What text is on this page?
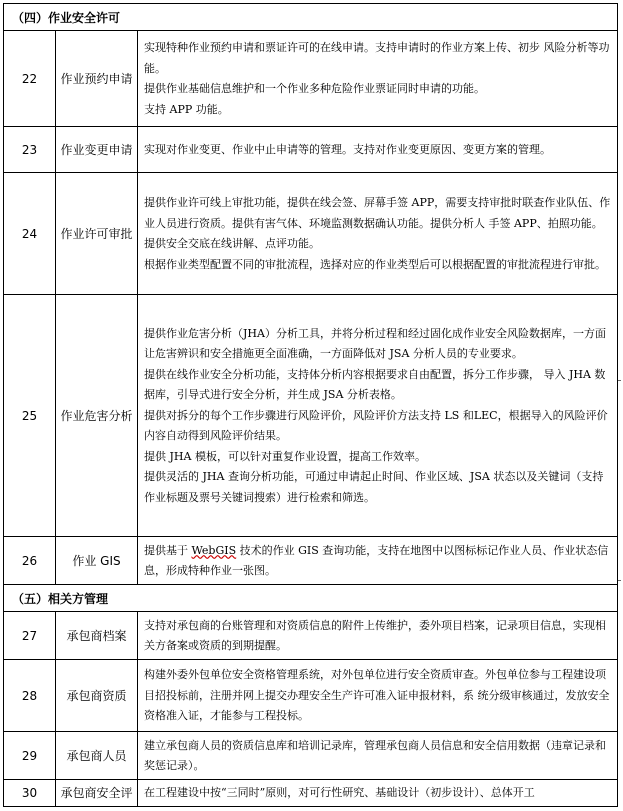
（四）作业安全许可		
22	作业预约申请	实现特种作业预约申请和票证许可的在线申请。支持申请时的作业方案上传、初步 风险分析等功能。

提供作业基础信息维护和一个作业多种危险作业票证同时申请的功能。

支持 APP 功能。

23	作业变更申请	实现对作业变更、作业中止申请等的管理。支持对作业变更原因、变更方案的管理。

24	作业许可审批	提供作业许可线上审批功能，提供在线会签、屏幕手签 APP，需要支持审批时联查作业队伍、作业人员进行资质。提供有害气体、环境监测数据确认功能。提供分析人 手签 APP、拍照功能。提供安全交底在线讲解、点评功能。

根据作业类型配置不同的审批流程，选择对应的作业类型后可以根据配置的审批流程进行审批。

25	作业危害分析	提供作业危害分析（JHA）分析工具，并将分析过程和经过固化成作业安全风险数据库，一方面让危害辨识和安全措施更全面准确，一方面降低对 JSA 分析人员的专业要求。

提供在线作业安全分析功能，支持体分析内容根据要求自由配置，拆分工作步骤， 导入 JHA 数据库，引导式进行安全分析，并生成 JSA 分析表格。

提供对拆分的每个工作步骤进行风险评价，风险评价方法支持 LS 和LEC，根据导入的风险评价内容自动得到风险评价结果。

提供 JHA 模板，可以针对重复作业设置，提高工作效率。

提供灵活的 JHA 查询分析功能，可通过申请起止时间、作业区域、JSA 状态以及关键词（支持作业标题及票号关键词搜索）进行检索和筛选。

26	作业 GIS	提供基于 WebGIS 技术的作业 GIS 查询功能，支持在地图中以图标标记作业人员、作业状态信息，形成特种作业一张图。

（五）相关方管理		
27	承包商档案	支持对承包商的台账管理和对资质信息的附件上传维护，委外项目档案，记录项目信息，实现相关方备案或资质的到期提醒。

28	承包商资质	构建外委外包单位安全资格管理系统，对外包单位进行安全资质审查。外包单位参与工程建设项目招投标前，注册并网上提交办理安全生产许可准入证申报材料，系 统分级审核通过，发放安全资格准入证，才能参与工程投标。

29	承包商人员	建立承包商人员的资质信息库和培训记录库，管理承包商人员信息和安全信用数据（违章记录和奖惩记录）。

30	承包商安全评	在工程建设中按“三同时”原则，对可行性研究、基础设计（初步设计）、总体开工
